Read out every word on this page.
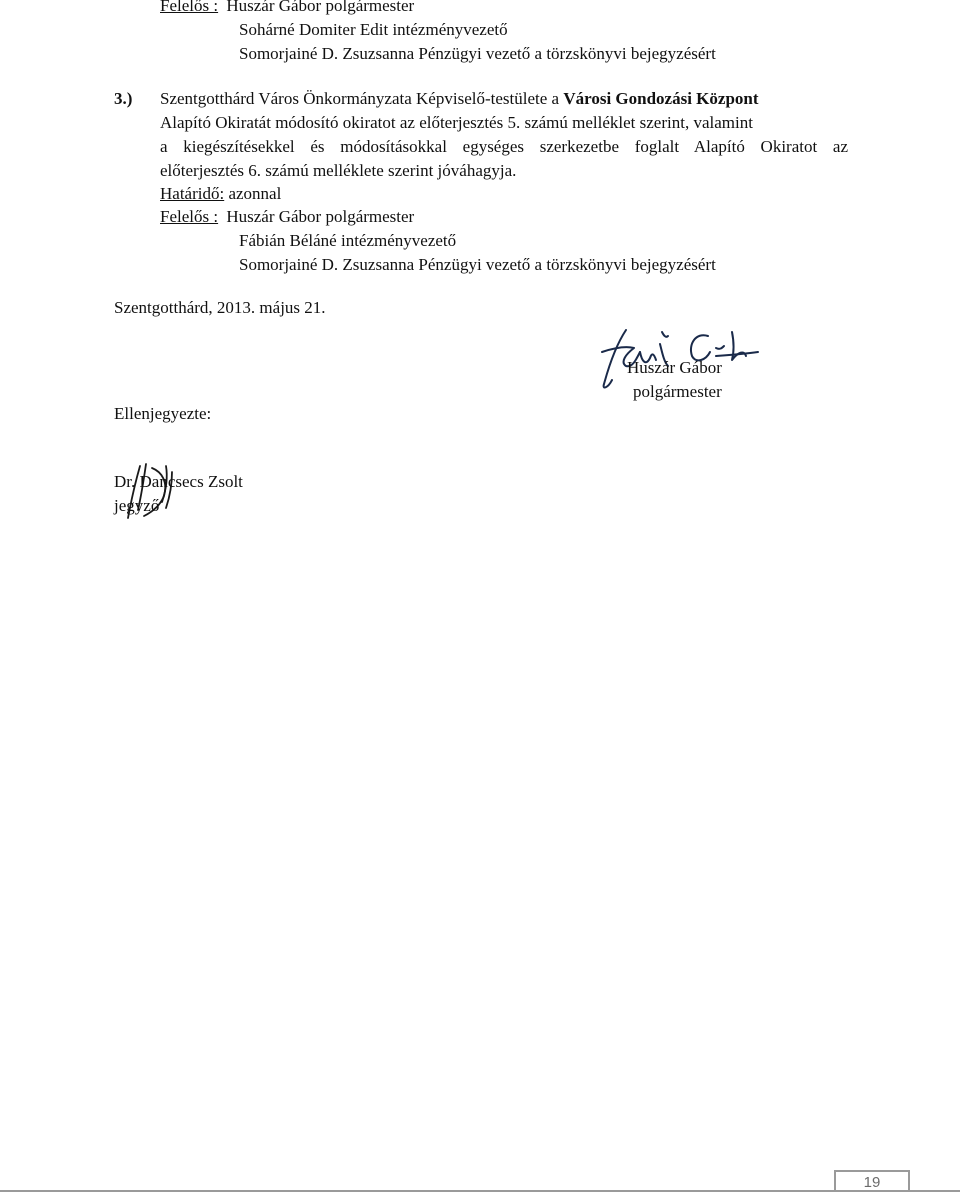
Felelős : Huszár Gábor polgármester
Sohárné Domiter Edit intézményvezető
Somorjainé D. Zsuzsanna Pénzügyi vezető a törzskönyvi bejegyzésért
3.) Szentgotthárd Város Önkormányzata Képviselő-testülete a Városi Gondozási Központ
Alapító Okiratát módosító okiratot az előterjesztés 5. számú melléklet szerint, valamint
a kiegészítésekkel és módosításokkal egységes szerkezetbe foglalt Alapító Okiratot az
előterjesztés 6. számú melléklete szerint jóváhagyja.
Határidő: azonnal
Felelős : Huszár Gábor polgármester
Fábián Béláné intézményvezető
Somorjainé D. Zsuzsanna Pénzügyi vezető a törzskönyvi bejegyzésért
Szentgotthárd, 2013. május 21.
Huszár Gábor
polgármester
Ellenjegyezte:
Dr. Dancsecs Zsolt
jegyző
19
